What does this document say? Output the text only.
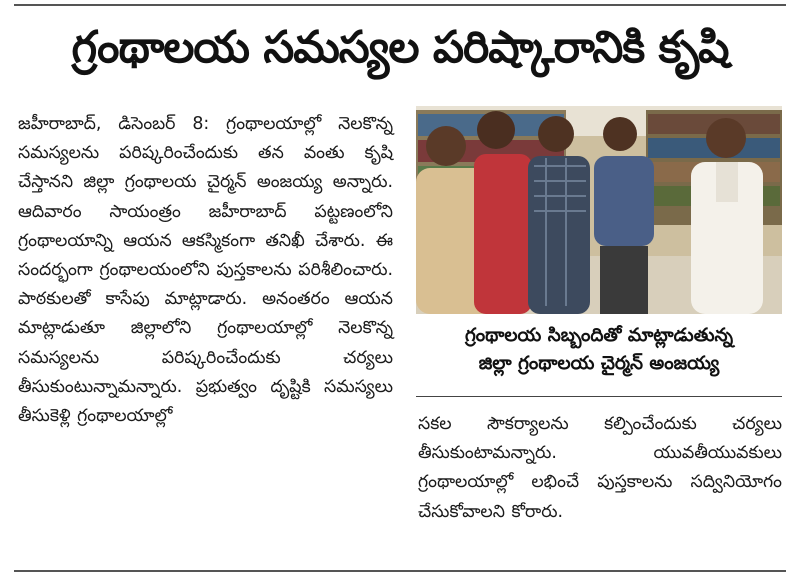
గ్రంథాలయ సమస్యల పరిష్కారానికి కృషి

జహీరాబాద్, డిసెంబర్ 8: గ్రంథాలయాల్లో నెలకొన్న సమస్యలను పరిష్కరించేందుకు తన వంతు కృషి చేస్తానని జిల్లా గ్రంథాలయ చైర్మన్ అంజయ్య అన్నారు. ఆదివారం సాయంత్రం జహీరాబాద్ పట్టణంలోని గ్రంథాలయాన్ని ఆయన ఆకస్మికంగా తనిఖీ చేశారు. ఈ సందర్భంగా గ్రంథాలయంలోని పుస్తకాలను పరిశీలించారు. పాఠకులతో కాసేపు మాట్లాడారు. అనంతరం ఆయన మాట్లాడుతూ జిల్లాలోని గ్రంథాలయాల్లో నెలకొన్న సమస్యలను పరిష్కరించేందుకు చర్యలు తీసుకుంటున్నామన్నారు. ప్రభుత్వం దృష్టికి సమస్యలు తీసుకెళ్లి గ్రంథాలయాల్లో

గ్రంథాలయ సిబ్బందితో మాట్లాడుతున్న
జిల్లా గ్రంథాలయ చైర్మన్ అంజయ్య

సకల సౌకర్యాలను కల్పించేందుకు చర్యలు తీసుకుంటామన్నారు. యువతీయువకులు గ్రంథాలయాల్లో లభించే పుస్తకాలను సద్వినియోగం చేసుకోవాలని కోరారు.
